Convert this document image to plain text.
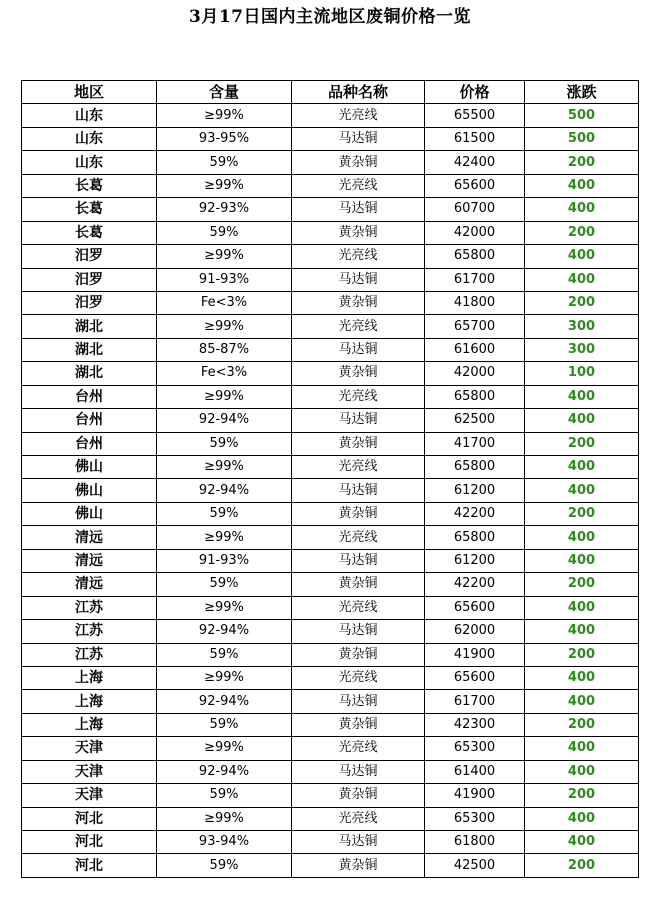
3月17日国内主流地区废铜价格一览
地区	含量	品种名称	价格	涨跌
山东	≥99%	光亮线	65500	500
山东	93-95%	马达铜	61500	500
山东	59%	黄杂铜	42400	200
长葛	≥99%	光亮线	65600	400
长葛	92-93%	马达铜	60700	400
长葛	59%	黄杂铜	42000	200
汨罗	≥99%	光亮线	65800	400
汨罗	91-93%	马达铜	61700	400
汨罗	Fe<3%	黄杂铜	41800	200
湖北	≥99%	光亮线	65700	300
湖北	85-87%	马达铜	61600	300
湖北	Fe<3%	黄杂铜	42000	100
台州	≥99%	光亮线	65800	400
台州	92-94%	马达铜	62500	400
台州	59%	黄杂铜	41700	200
佛山	≥99%	光亮线	65800	400
佛山	92-94%	马达铜	61200	400
佛山	59%	黄杂铜	42200	200
清远	≥99%	光亮线	65800	400
清远	91-93%	马达铜	61200	400
清远	59%	黄杂铜	42200	200
江苏	≥99%	光亮线	65600	400
江苏	92-94%	马达铜	62000	400
江苏	59%	黄杂铜	41900	200
上海	≥99%	光亮线	65600	400
上海	92-94%	马达铜	61700	400
上海	59%	黄杂铜	42300	200
天津	≥99%	光亮线	65300	400
天津	92-94%	马达铜	61400	400
天津	59%	黄杂铜	41900	200
河北	≥99%	光亮线	65300	400
河北	93-94%	马达铜	61800	400
河北	59%	黄杂铜	42500	200
